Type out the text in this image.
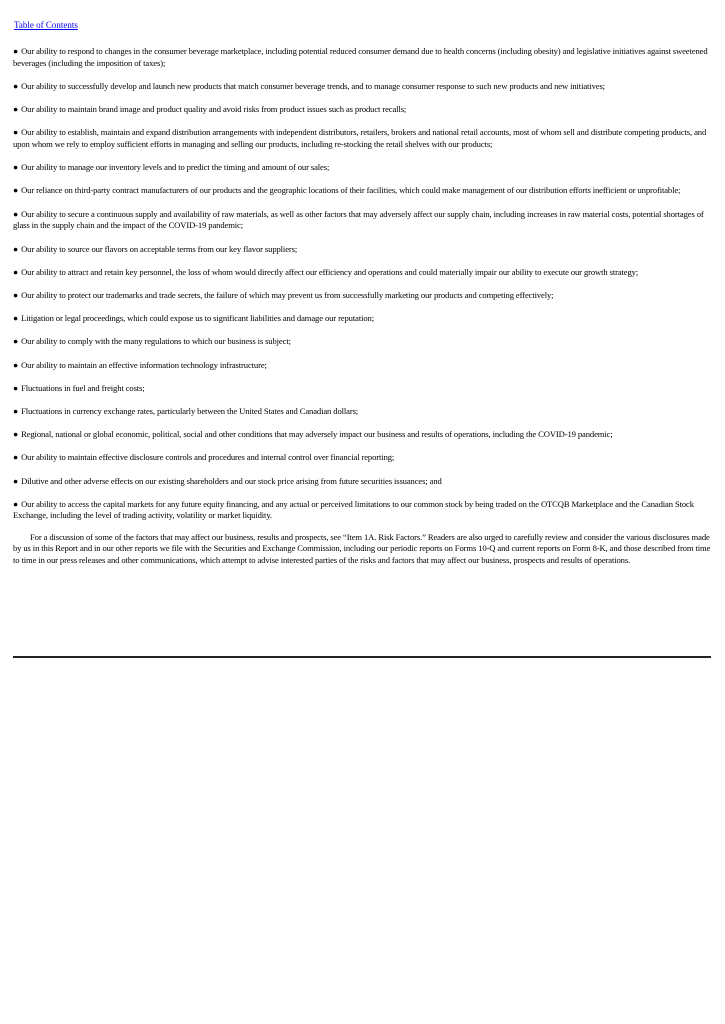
Table of Contents
● Our ability to respond to changes in the consumer beverage marketplace, including potential reduced consumer demand due to health concerns (including obesity) and legislative initiatives against sweetened beverages (including the imposition of taxes);
● Our ability to successfully develop and launch new products that match consumer beverage trends, and to manage consumer response to such new products and new initiatives;
● Our ability to maintain brand image and product quality and avoid risks from product issues such as product recalls;
● Our ability to establish, maintain and expand distribution arrangements with independent distributors, retailers, brokers and national retail accounts, most of whom sell and distribute competing products, and upon whom we rely to employ sufficient efforts in managing and selling our products, including re-stocking the retail shelves with our products;
● Our ability to manage our inventory levels and to predict the timing and amount of our sales;
● Our reliance on third-party contract manufacturers of our products and the geographic locations of their facilities, which could make management of our distribution efforts inefficient or unprofitable;
● Our ability to secure a continuous supply and availability of raw materials, as well as other factors that may adversely affect our supply chain, including increases in raw material costs, potential shortages of glass in the supply chain and the impact of the COVID-19 pandemic;
● Our ability to source our flavors on acceptable terms from our key flavor suppliers;
● Our ability to attract and retain key personnel, the loss of whom would directly affect our efficiency and operations and could materially impair our ability to execute our growth strategy;
● Our ability to protect our trademarks and trade secrets, the failure of which may prevent us from successfully marketing our products and competing effectively;
● Litigation or legal proceedings, which could expose us to significant liabilities and damage our reputation;
● Our ability to comply with the many regulations to which our business is subject;
● Our ability to maintain an effective information technology infrastructure;
● Fluctuations in fuel and freight costs;
● Fluctuations in currency exchange rates, particularly between the United States and Canadian dollars;
● Regional, national or global economic, political, social and other conditions that may adversely impact our business and results of operations, including the COVID-19 pandemic;
● Our ability to maintain effective disclosure controls and procedures and internal control over financial reporting;
● Dilutive and other adverse effects on our existing shareholders and our stock price arising from future securities issuances; and
● Our ability to access the capital markets for any future equity financing, and any actual or perceived limitations to our common stock by being traded on the OTCQB Marketplace and the Canadian Stock Exchange, including the level of trading activity, volatility or market liquidity.

For a discussion of some of the factors that may affect our business, results and prospects, see “Item 1A. Risk Factors.” Readers are also urged to carefully review and consider the various disclosures made by us in this Report and in our other reports we file with the Securities and Exchange Commission, including our periodic reports on Forms 10-Q and current reports on Form 8-K, and those described from time to time in our press releases and other communications, which attempt to advise interested parties of the risks and factors that may affect our business, prospects and results of operations.
